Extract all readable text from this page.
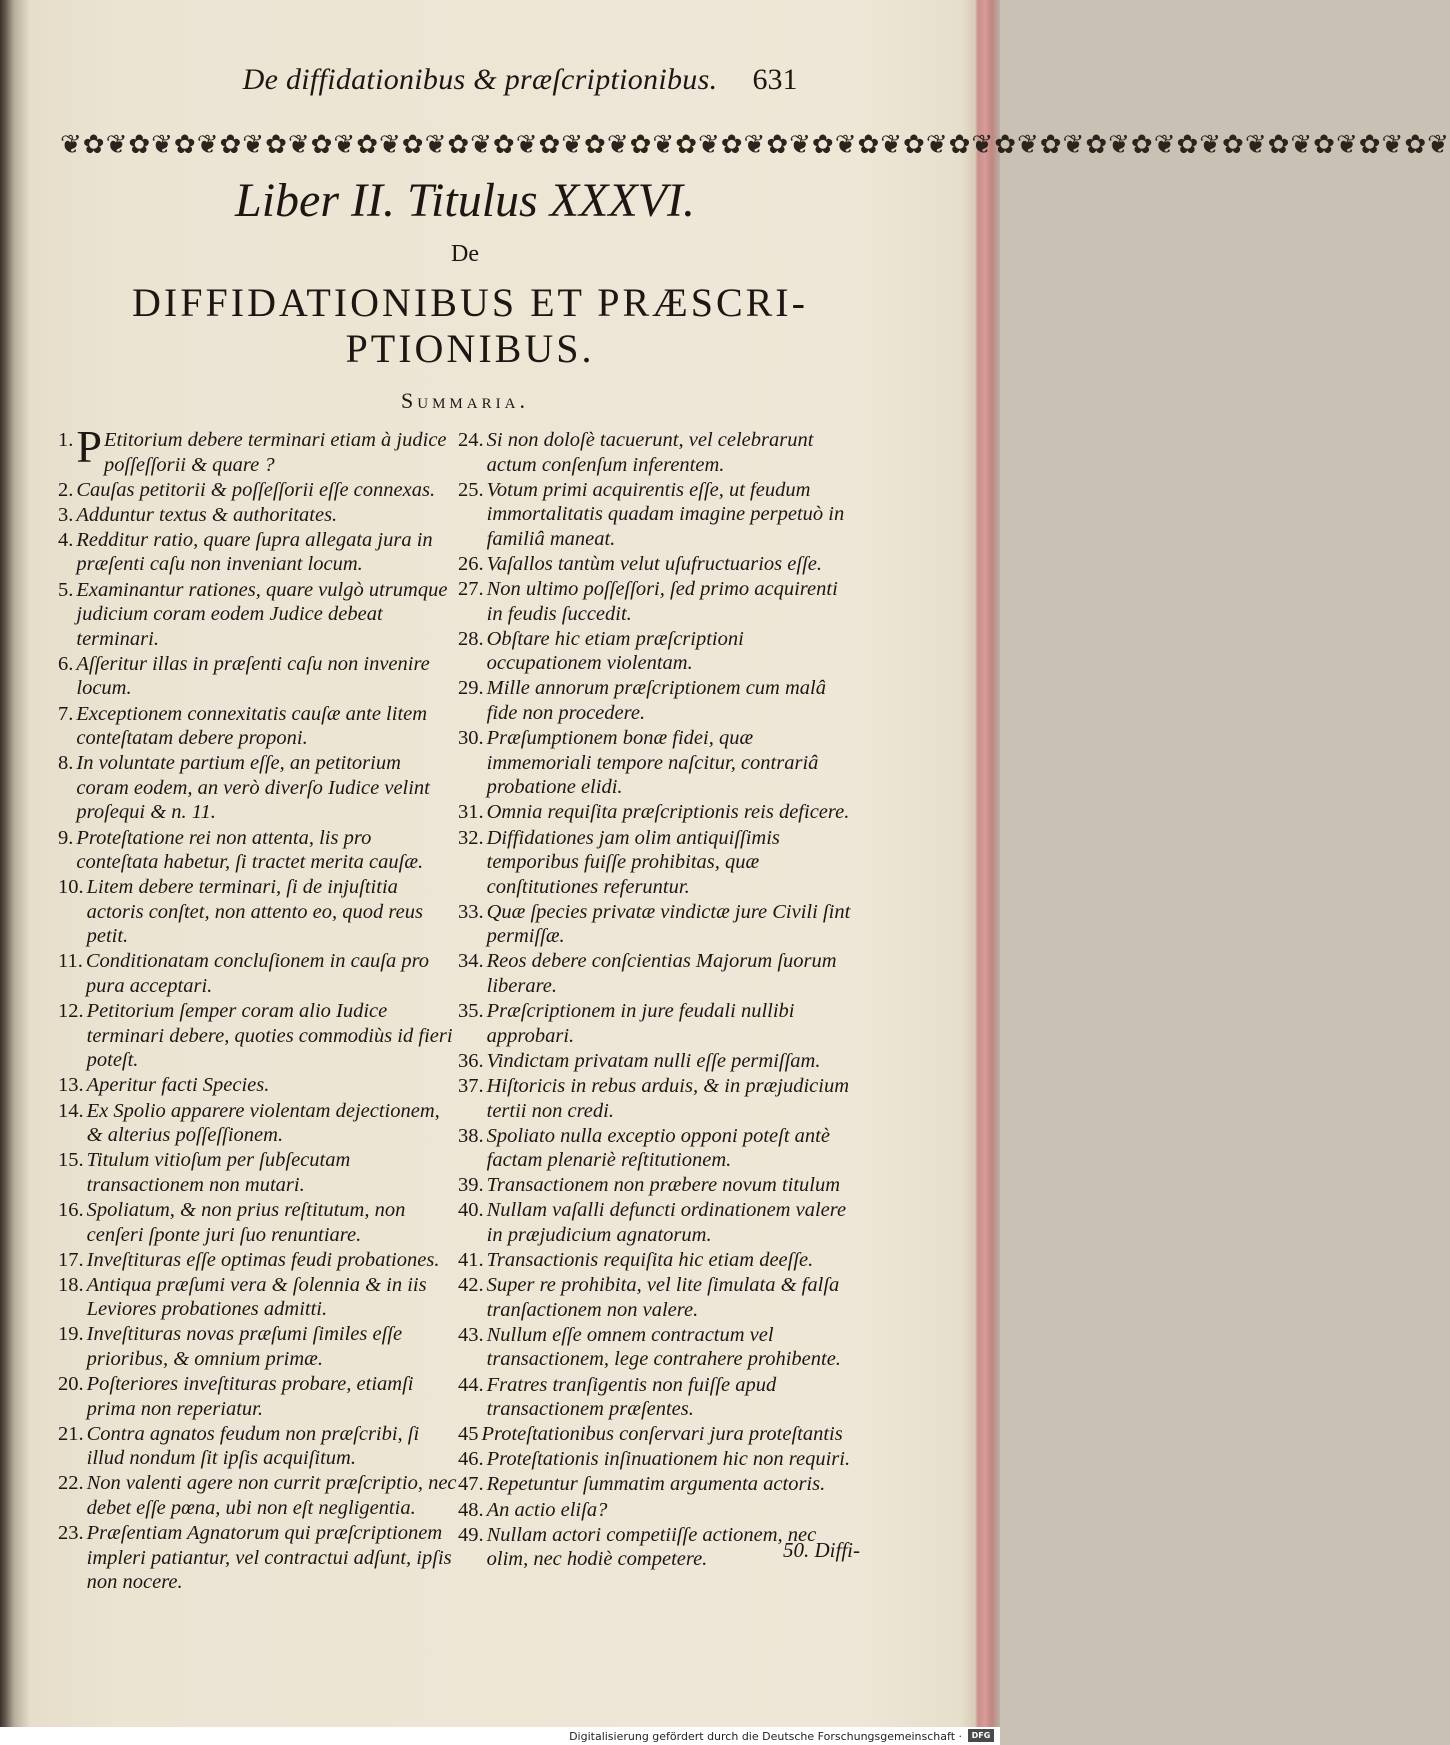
De diffidationibus & præſcriptionibus.	631
❦✿❦✿❦✿❦✿❦✿❦✿❦✿❦✿❦✿❦✿❦✿❦✿❦✿❦✿❦✿❦✿❦✿❦✿❦✿❦✿❦✿❦✿❦✿❦✿❦✿❦✿❦✿❦✿❦✿❦✿❦
Liber II. Titulus XXXVI.
De
DIFFIDATIONIBUS ET PRÆSCRI-
PTIONIBUS.
Summaria.
1. PEtitorium debere terminari etiam à judice poſſeſſorii & quare ?
2. Cauſas petitorii & poſſeſſorii eſſe connexas.
3. Adduntur textus & authoritates.
4. Redditur ratio, quare ſupra allegata jura in præſenti caſu non inveniant locum.
5. Examinantur rationes, quare vulgò utrumque judicium coram eodem Judice debeat terminari.
6. Aſſeritur illas in præſenti caſu non invenire locum.
7. Exceptionem connexitatis cauſæ ante litem conteſtatam debere proponi.
8. In voluntate partium eſſe, an petitorium coram eodem, an verò diverſo Iudice velint proſequi & n. 11.
9. Proteſtatione rei non attenta, lis pro conteſtata habetur, ſi tractet merita cauſæ.
10. Litem debere terminari, ſi de injuſtitia actoris conſtet, non attento eo, quod reus petit.
11. Conditionatam concluſionem in cauſa pro pura acceptari.
12. Petitorium ſemper coram alio Iudice terminari debere, quoties commodiùs id fieri poteſt.
13. Aperitur facti Species.
14. Ex Spolio apparere violentam dejectionem, & alterius poſſeſſionem.
15. Titulum vitioſum per ſubſecutam transactionem non mutari.
16. Spoliatum, & non prius reſtitutum, non cenſeri ſponte juri ſuo renuntiare.
17. Inveſtituras eſſe optimas feudi probationes.
18. Antiqua præſumi vera & ſolennia & in iis Leviores probationes admitti.
19. Inveſtituras novas præſumi ſimiles eſſe prioribus, & omnium primæ.
20. Poſteriores inveſtituras probare, etiamſi prima non reperiatur.
21. Contra agnatos feudum non præſcribi, ſi illud nondum ſit ipſis acquiſitum.
22. Non valenti agere non currit præſcriptio, nec debet eſſe pœna, ubi non eſt negligentia.
23. Præſentiam Agnatorum qui præſcriptionem impleri patiantur, vel contractui adſunt, ipſis non nocere.
24. Si non doloſè tacuerunt, vel celebrarunt actum conſenſum inferentem.
25. Votum primi acquirentis eſſe, ut feudum immortalitatis quadam imagine perpetuò in familiâ maneat.
26. Vaſallos tantùm velut uſufructuarios eſſe.
27. Non ultimo poſſeſſori, ſed primo acquirenti in feudis ſuccedit.
28. Obſtare hic etiam præſcriptioni occupationem violentam.
29. Mille annorum præſcriptionem cum malâ fide non procedere.
30. Præſumptionem bonæ fidei, quæ immemoriali tempore naſcitur, contrariâ probatione elidi.
31. Omnia requiſita præſcriptionis reis deficere.
32. Diffidationes jam olim antiquiſſimis temporibus fuiſſe prohibitas, quæ conſtitutiones referuntur.
33. Quæ ſpecies privatæ vindictæ jure Civili ſint permiſſæ.
34. Reos debere conſcientias Majorum ſuorum liberare.
35. Præſcriptionem in jure feudali nullibi approbari.
36. Vindictam privatam nulli eſſe permiſſam.
37. Hiſtoricis in rebus arduis, & in præjudicium tertii non credi.
38. Spoliato nulla exceptio opponi poteſt antè factam plenariè reſtitutionem.
39. Transactionem non præbere novum titulum
40. Nullam vaſalli defuncti ordinationem valere in præjudicium agnatorum.
41. Transactionis requiſita hic etiam deeſſe.
42. Super re prohibita, vel lite ſimulata & falſa tranſactionem non valere.
43. Nullum eſſe omnem contractum vel transactionem, lege contrahere prohibente.
44. Fratres tranſigentis non fuiſſe apud transactionem præſentes.
45 Proteſtationibus conſervari jura proteſtantis
46. Proteſtationis inſinuationem hic non requiri.
47. Repetuntur ſummatim argumenta actoris.
48. An actio eliſa?
49. Nullam actori competiiſſe actionem, nec olim, nec hodiè competere.	50. Diffi-
Digitalisierung gefördert durch die Deutsche Forschungsgemeinschaft ·	DFG
